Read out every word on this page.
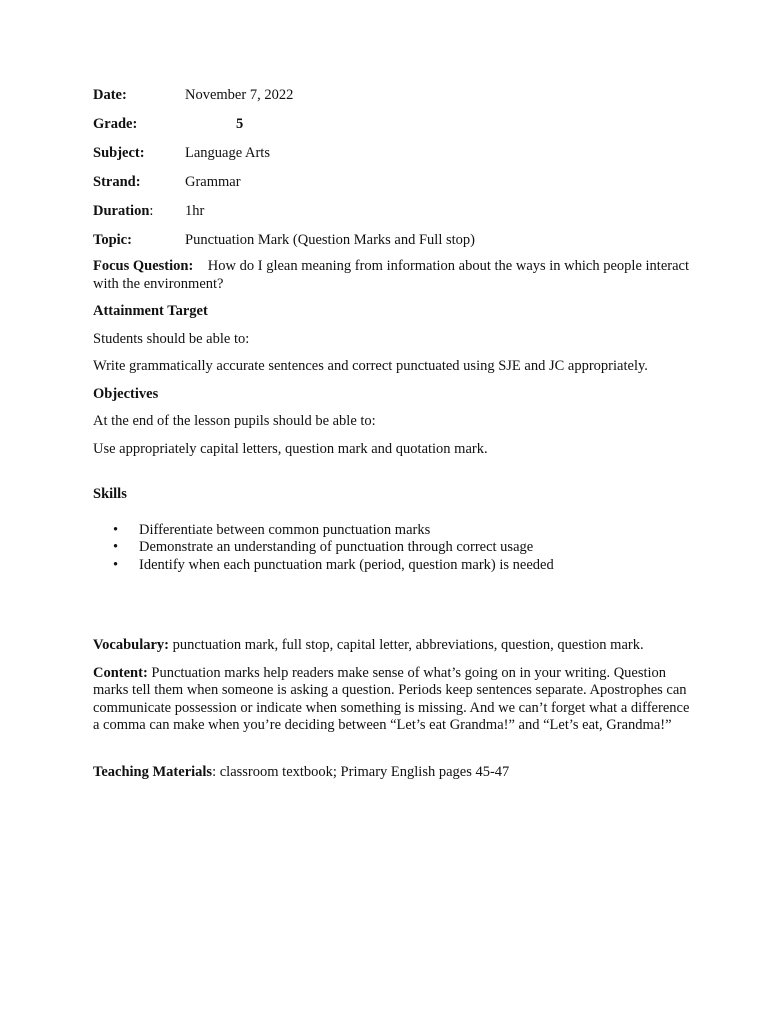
Date:	November 7, 2022
Grade:	5
Subject:	Language Arts
Strand:	Grammar
Duration:	1hr
Topic:	Punctuation Mark (Question Marks and Full stop)

Focus Question: How do I glean meaning from information about the ways in which people interact with the environment?

Attainment Target

Students should be able to:

Write grammatically accurate sentences and correct punctuated using SJE and JC appropriately.

Objectives

At the end of the lesson pupils should be able to:

Use appropriately capital letters, question mark and quotation mark.

Skills

• Differentiate between common punctuation marks
• Demonstrate an understanding of punctuation through correct usage
• Identify when each punctuation mark (period, question mark) is needed

Vocabulary: punctuation mark, full stop, capital letter, abbreviations, question, question mark.

Content: Punctuation marks help readers make sense of what’s going on in your writing. Question marks tell them when someone is asking a question. Periods keep sentences separate. Apostrophes can communicate possession or indicate when something is missing. And we can’t forget what a difference a comma can make when you’re deciding between “Let’s eat Grandma!” and “Let’s eat, Grandma!”

Teaching Materials: classroom textbook; Primary English pages 45-47
